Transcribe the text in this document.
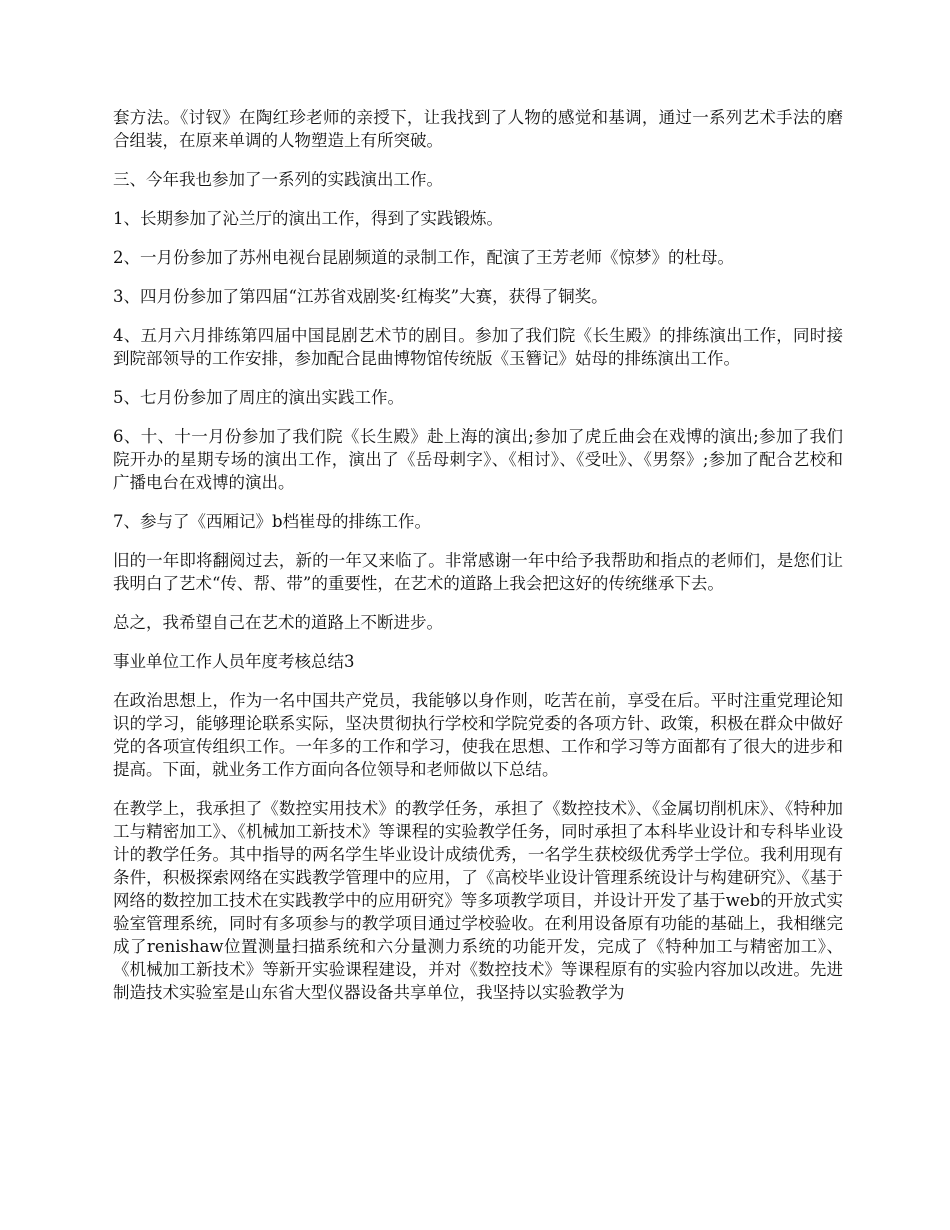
套方法。《讨钗》在陶红珍老师的亲授下，让我找到了人物的感觉和基调，通过一系列艺术手法的磨合组装，在原来单调的人物塑造上有所突破。

三、今年我也参加了一系列的实践演出工作。

1、长期参加了沁兰厅的演出工作，得到了实践锻炼。

2、一月份参加了苏州电视台昆剧频道的录制工作，配演了王芳老师《惊梦》的杜母。

3、四月份参加了第四届“江苏省戏剧奖·红梅奖”大赛，获得了铜奖。

4、五月六月排练第四届中国昆剧艺术节的剧目。参加了我们院《长生殿》的排练演出工作，同时接到院部领导的工作安排，参加配合昆曲博物馆传统版《玉簪记》姑母的排练演出工作。

5、七月份参加了周庄的演出实践工作。

6、十、十一月份参加了我们院《长生殿》赴上海的演出;参加了虎丘曲会在戏博的演出;参加了我们院开办的星期专场的演出工作，演出了《岳母刺字》、《相讨》、《受吐》、《男祭》;参加了配合艺校和广播电台在戏博的演出。

7、参与了《西厢记》b档崔母的排练工作。

旧的一年即将翻阅过去，新的一年又来临了。非常感谢一年中给予我帮助和指点的老师们，是您们让我明白了艺术“传、帮、带”的重要性，在艺术的道路上我会把这好的传统继承下去。

总之，我希望自己在艺术的道路上不断进步。

事业单位工作人员年度考核总结3

在政治思想上，作为一名中国共产党员，我能够以身作则，吃苦在前，享受在后。平时注重党理论知识的学习，能够理论联系实际，坚决贯彻执行学校和学院党委的各项方针、政策，积极在群众中做好党的各项宣传组织工作。一年多的工作和学习，使我在思想、工作和学习等方面都有了很大的进步和提高。下面，就业务工作方面向各位领导和老师做以下总结。

在教学上，我承担了《数控实用技术》的教学任务，承担了《数控技术》、《金属切削机床》、《特种加工与精密加工》、《机械加工新技术》等课程的实验教学任务，同时承担了本科毕业设计和专科毕业设计的教学任务。其中指导的两名学生毕业设计成绩优秀，一名学生获校级优秀学士学位。我利用现有条件，积极探索网络在实践教学管理中的应用，了《高校毕业设计管理系统设计与构建研究》、《基于网络的数控加工技术在实践教学中的应用研究》等多项教学项目，并设计开发了基于web的开放式实验室管理系统，同时有多项参与的教学项目通过学校验收。在利用设备原有功能的基础上，我相继完成了renishaw位置测量扫描系统和六分量测力系统的功能开发，完成了《特种加工与精密加工》、《机械加工新技术》等新开实验课程建设，并对《数控技术》等课程原有的实验内容加以改进。先进制造技术实验室是山东省大型仪器设备共享单位，我坚持以实验教学为
